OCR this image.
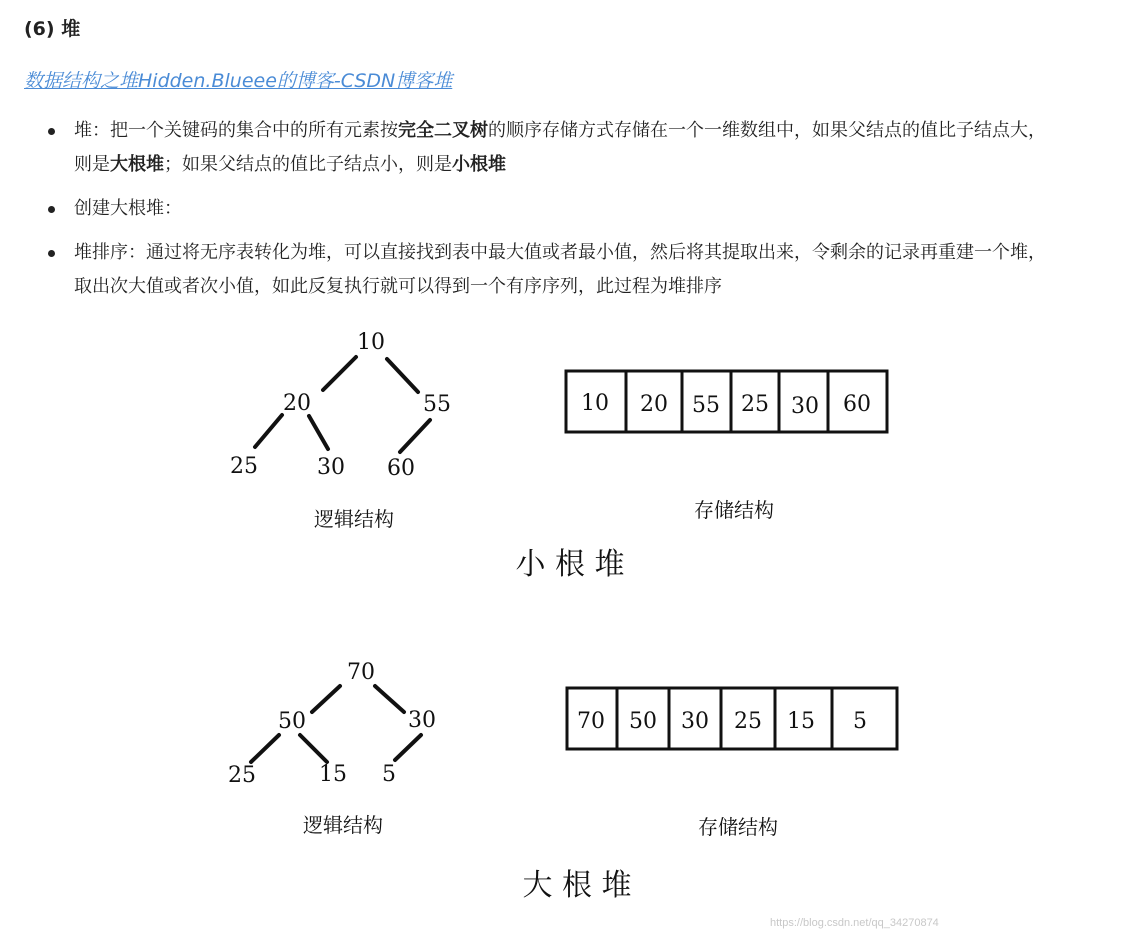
(6) 堆
数据结构之堆Hidden.Blueee的博客-CSDN博客堆
堆：把一个关键码的集合中的所有元素按完全二叉树的顺序存储方式存储在一个一维数组中，如果父结点的值比子结点大，则是大根堆；如果父结点的值比子结点小，则是小根堆
创建大根堆：
堆排序：通过将无序表转化为堆，可以直接找到表中最大值或者最小值，然后将其提取出来，令剩余的记录再重建一个堆，取出次大值或者次小值，如此反复执行就可以得到一个有序序列，此过程为堆排序
10
20	55
25	30 60
10 20 55 25 30 60
逻辑结构	存储结构
小 根 堆
70
50	30
25	15 5
70 50 30 25 15 5
逻辑结构	存储结构
大 根 堆
https://blog.csdn.net/qq_34270874
